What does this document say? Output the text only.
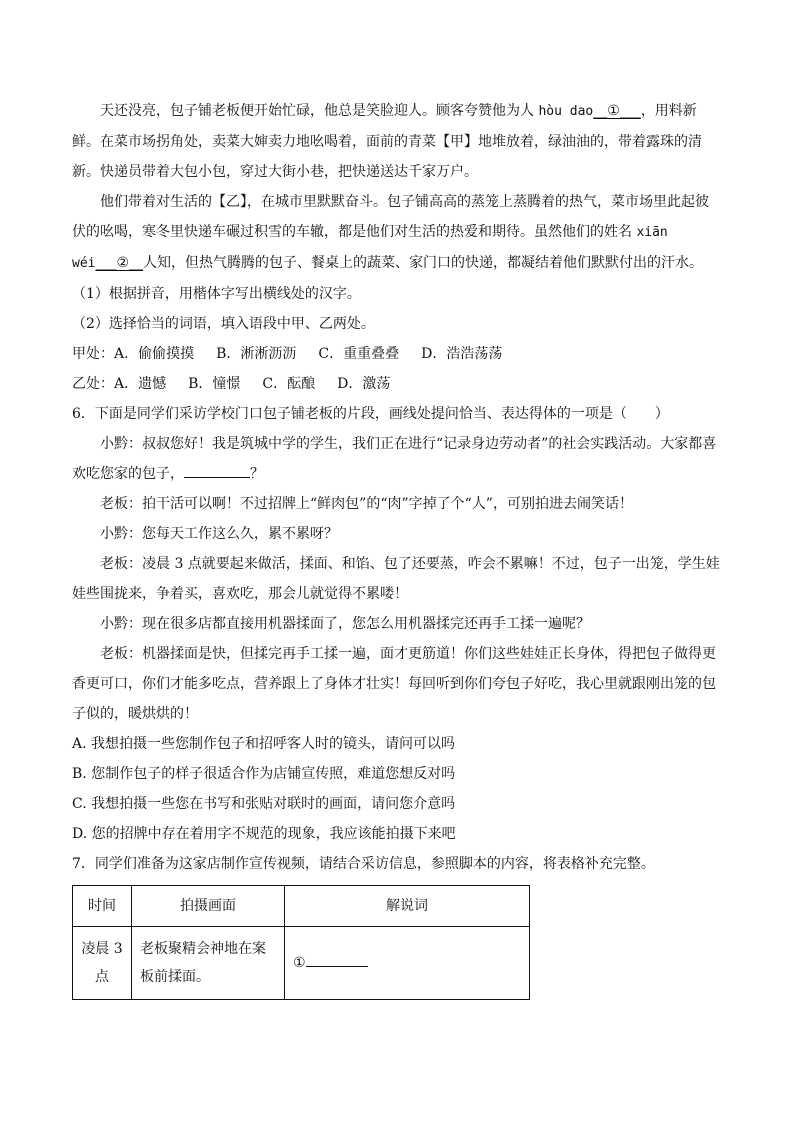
天还没亮，包子铺老板便开始忙碌，他总是笑脸迎人。顾客夸赞他为人 hòu dao__①___，用料新鲜。在菜市场拐角处，卖菜大婶卖力地吆喝着，面前的青菜【甲】地堆放着，绿油油的，带着露珠的清新。快递员带着大包小包，穿过大街小巷，把快递送达千家万户。

他们带着对生活的【乙】，在城市里默默奋斗。包子铺高高的蒸笼上蒸腾着的热气，菜市场里此起彼伏的吆喝，寒冬里快递车碾过积雪的车辙，都是他们对生活的热爱和期待。虽然他们的姓名 xiān wéi___②__人知，但热气腾腾的包子、餐桌上的蔬菜、家门口的快递，都凝结着他们默默付出的汗水。

（1）根据拼音，用楷体字写出横线处的汉字。

（2）选择恰当的词语，填入语段中甲、乙两处。

甲处：A．偷偷摸摸 B．淅淅沥沥 C．重重叠叠 D．浩浩荡荡

乙处：A．遗憾 B．憧憬 C．酝酿 D．激荡

6．下面是同学们采访学校门口包子铺老板的片段，画线处提问恰当、表达得体的一项是（　　）

小黔：叔叔您好！我是筑城中学的学生，我们正在进行“记录身边劳动者”的社会实践活动。大家都喜欢吃您家的包子，	？

老板：拍干活可以啊！不过招牌上“鲜肉包”的“肉”字掉了个“人”，可别拍进去闹笑话！

小黔：您每天工作这么久，累不累呀？

老板：凌晨 3 点就要起来做活，揉面、和馅、包了还要蒸，咋会不累嘛！不过，包子一出笼，学生娃娃些围拢来，争着买，喜欢吃，那会儿就觉得不累喽！

小黔：现在很多店都直接用机器揉面了，您怎么用机器揉完还再手工揉一遍呢？

老板：机器揉面是快，但揉完再手工揉一遍，面才更筋道！你们这些娃娃正长身体，得把包子做得更香更可口，你们才能多吃点，营养跟上了身体才壮实！每回听到你们夸包子好吃，我心里就跟刚出笼的包子似的，暖烘烘的！

A. 我想拍摄一些您制作包子和招呼客人时的镜头，请问可以吗

B. 您制作包子的样子很适合作为店铺宣传照，难道您想反对吗

C. 我想拍摄一些您在书写和张贴对联时的画面，请问您介意吗

D. 您的招牌中存在着用字不规范的现象，我应该能拍摄下来吧

7．同学们准备为这家店制作宣传视频，请结合采访信息，参照脚本的内容，将表格补充完整。

时间	拍摄画面	解说词
凌晨 3 点	老板聚精会神地在案板前揉面。	①
